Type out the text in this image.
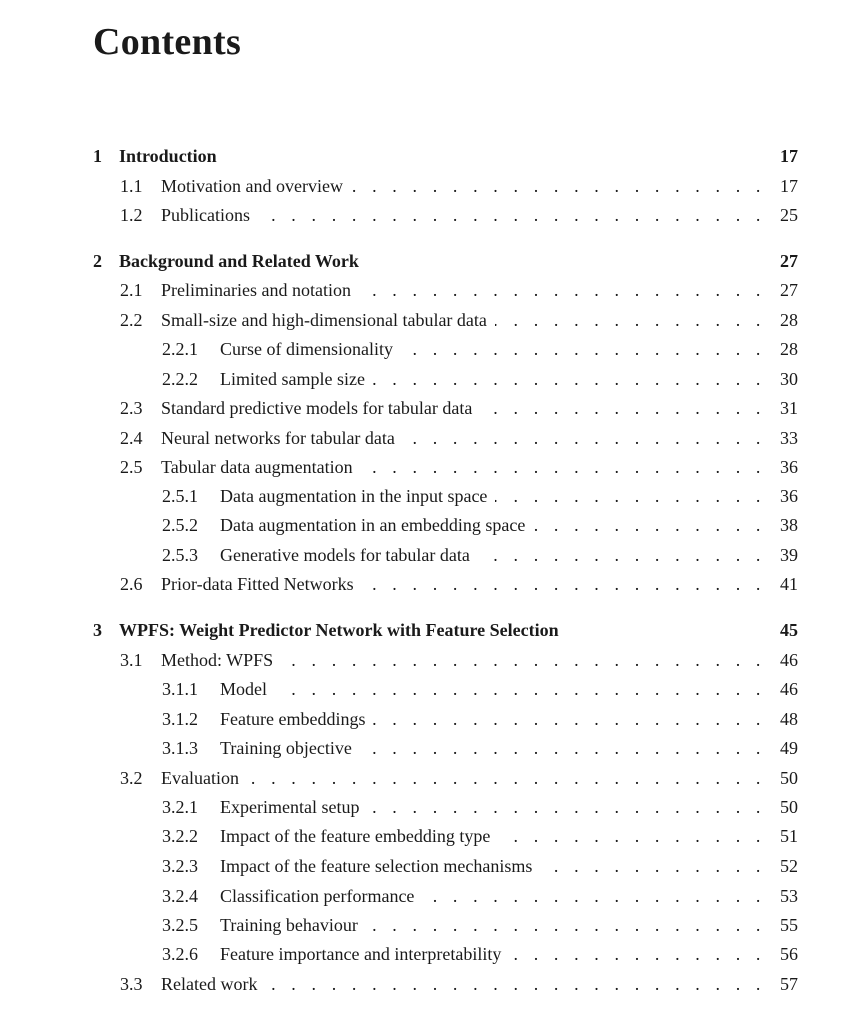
Contents
1 Introduction	17
1.1	Motivation and overview . . .	17
1.2	Publications . . .	25
2 Background and Related Work	27
2.1	Preliminaries and notation . . .	27
2.2	Small-size and high-dimensional tabular data . . .	28
2.2.1	Curse of dimensionality . . .	28
2.2.2	Limited sample size . . .	30
2.3	Standard predictive models for tabular data . . .	31
2.4	Neural networks for tabular data . . .	33
2.5	Tabular data augmentation . . .	36
2.5.1	Data augmentation in the input space . . .	36
2.5.2	Data augmentation in an embedding space . . .	38
2.5.3	Generative models for tabular data . . .	39
2.6	Prior-data Fitted Networks . . .	41
3 WPFS: Weight Predictor Network with Feature Selection	45
3.1	Method: WPFS . . .	46
3.1.1	Model . . .	46
3.1.2	Feature embeddings . . .	48
3.1.3	Training objective . . .	49
3.2	Evaluation . . .	50
3.2.1	Experimental setup . . .	50
3.2.2	Impact of the feature embedding type . . .	51
3.2.3	Impact of the feature selection mechanisms . . .	52
3.2.4	Classification performance . . .	53
3.2.5	Training behaviour . . .	55
3.2.6	Feature importance and interpretability . . .	56
3.3	Related work . . .	57
